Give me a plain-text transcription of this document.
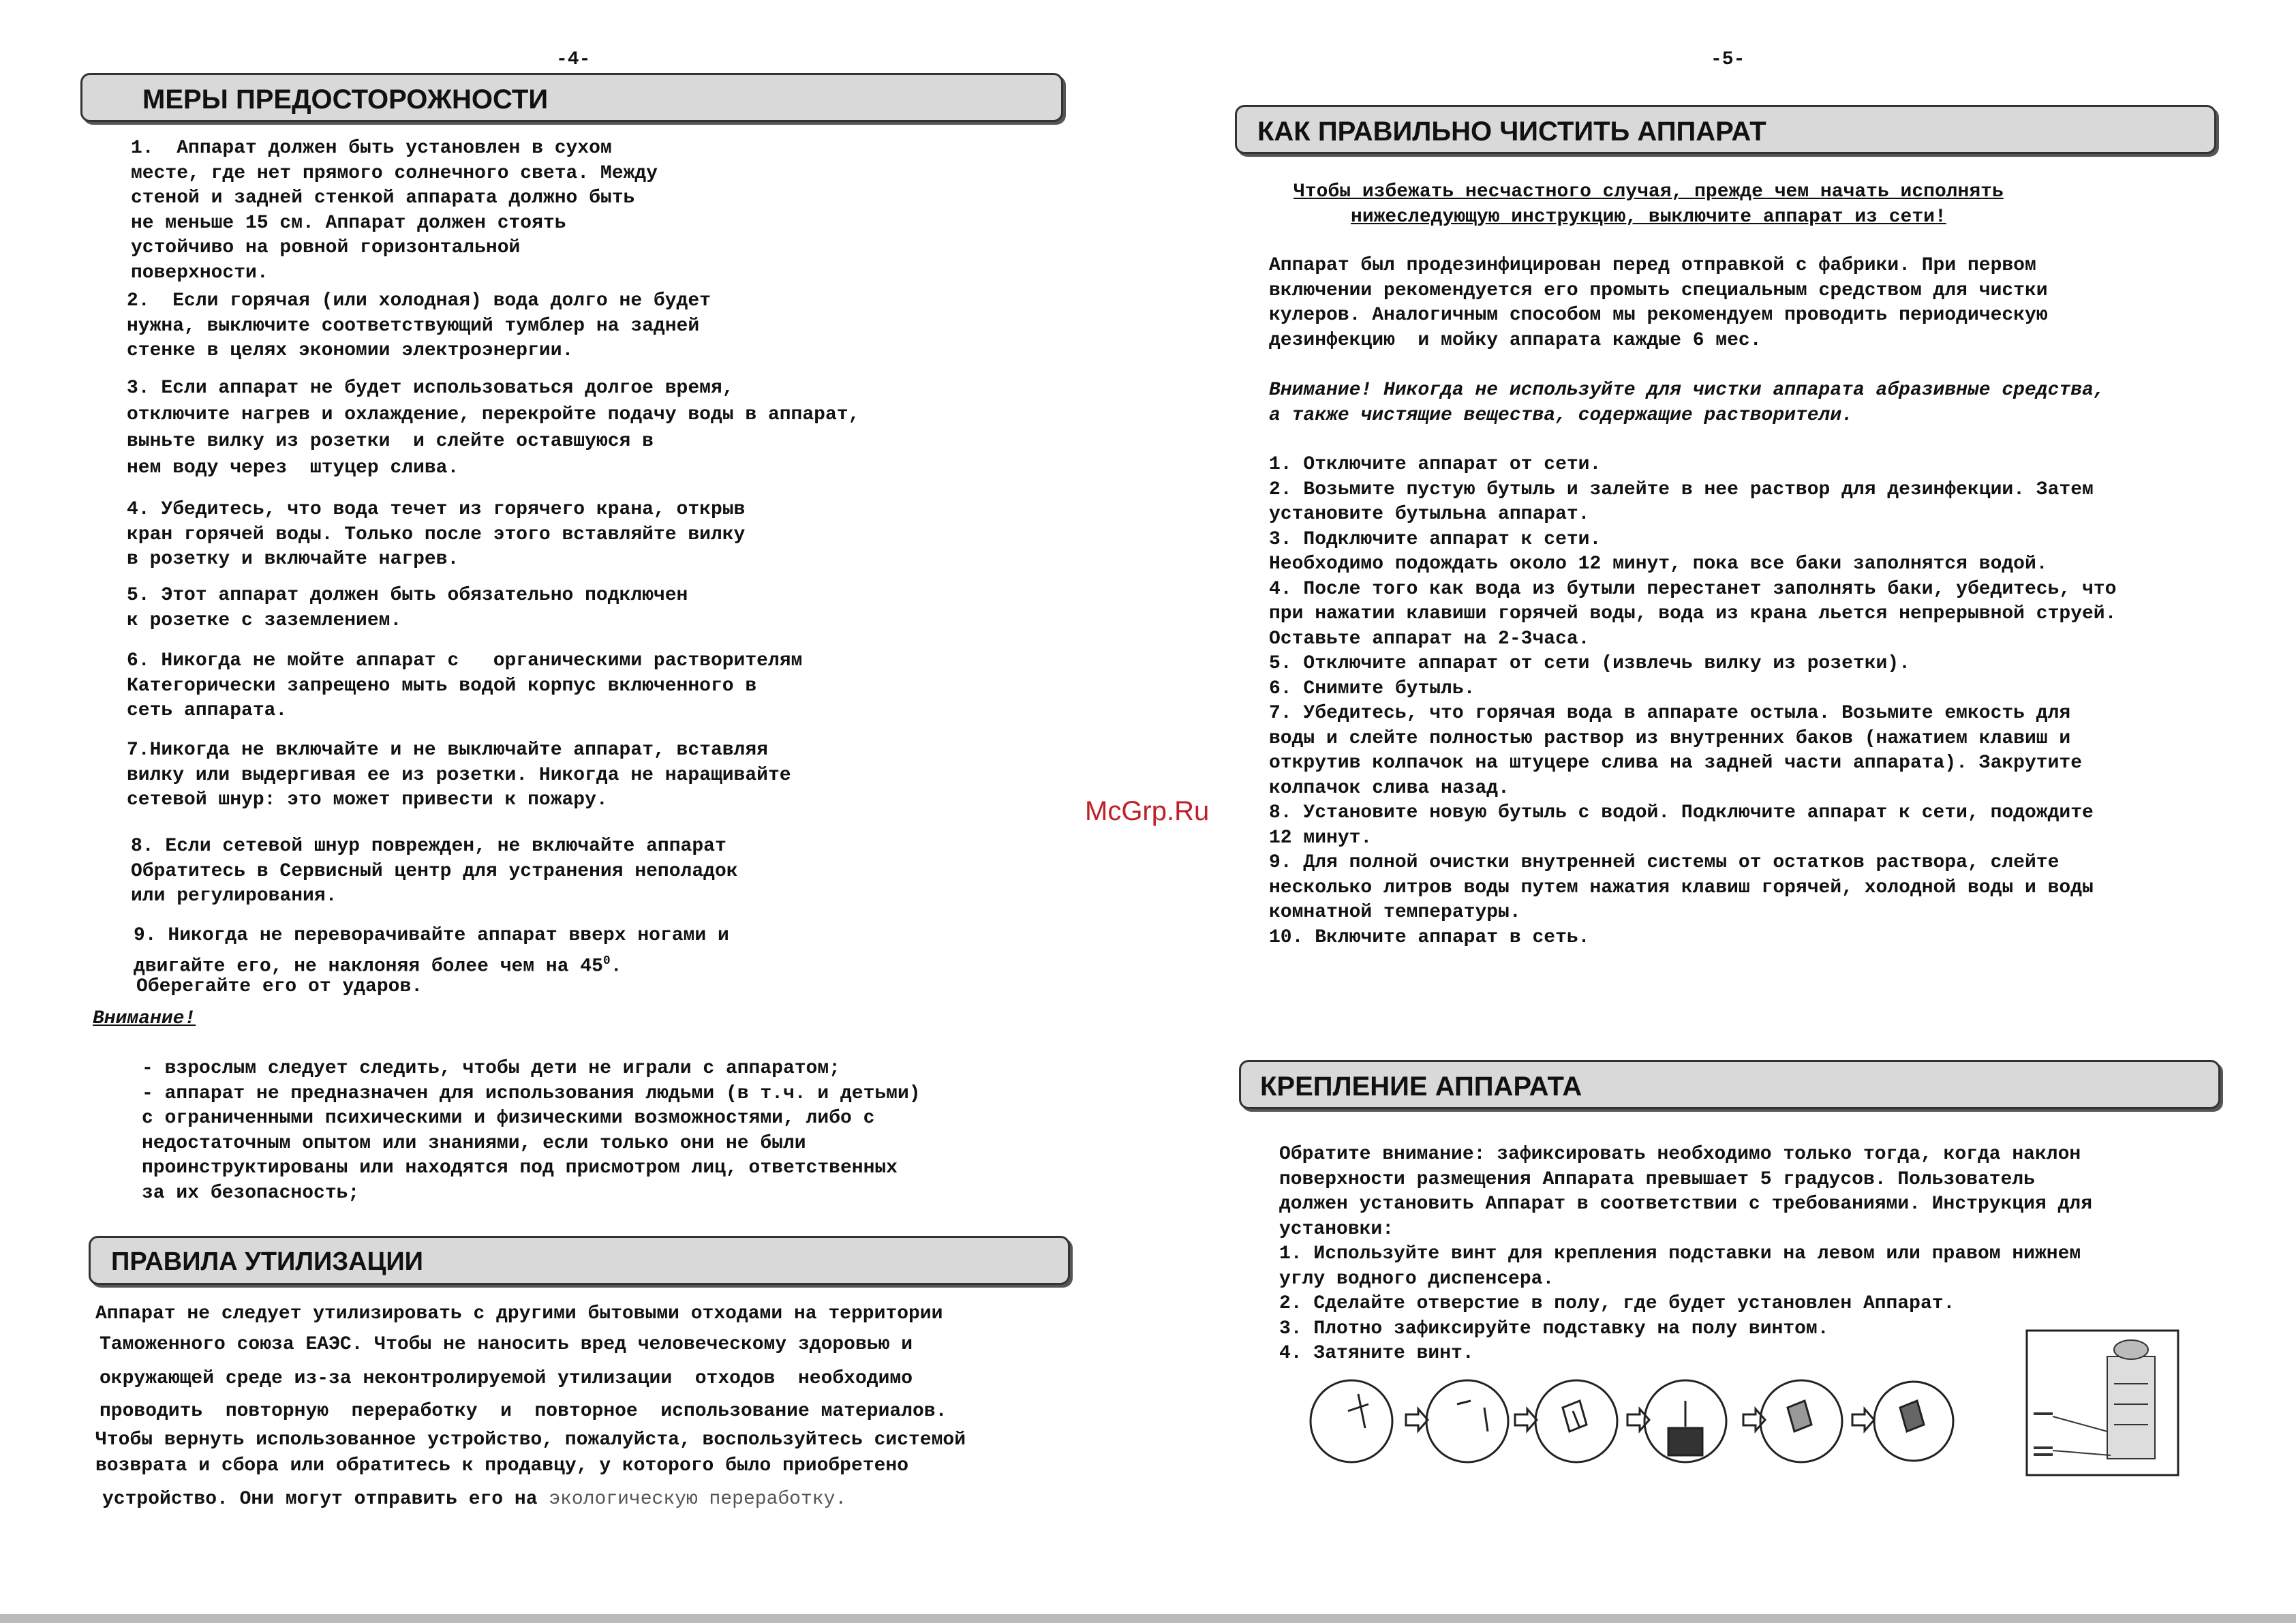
-4-
МЕРЫ ПРЕДОСТОРОЖНОСТИ
1.  Аппарат должен быть установлен в сухом
месте, где нет прямого солнечного света. Между
стеной и задней стенкой аппарата должно быть
не меньше 15 см. Аппарат должен стоять
устойчиво на ровной горизонтальной
поверхности.
2.  Если горячая (или холодная) вода долго не будет
нужна, выключите соответствующий тумблер на задней
стенке в целях экономии электроэнергии.
3. Если аппарат не будет использоваться долгое время,
отключите нагрев и охлаждение, перекройте подачу воды в аппарат,
выньте вилку из розетки  и слейте оставшуюся в
нем воду через  штуцер слива.
4. Убедитесь, что вода течет из горячего крана, открыв
кран горячей воды. Только после этого вставляйте вилку
в розетку и включайте нагрев.
5. Этот аппарат должен быть обязательно подключен
к розетке с заземлением.
6. Никогда не мойте аппарат с   органическими растворителям
Категорически запрещено мыть водой корпус включенного в
сеть аппарата.
7.Никогда не включайте и не выключайте аппарат, вставляя
вилку или выдергивая ее из розетки. Никогда не наращивайте
сетевой шнур: это может привести к пожару.
8. Если сетевой шнур поврежден, не включайте аппарат
Обратитесь в Сервисный центр для устранения неполадок
или регулирования.
9. Никогда не переворачивайте аппарат вверх ногами и
двигайте его, не наклоняя более чем на $45^0$.
Оберегайте его от ударов.
Внимание!
- взрослым следует следить, чтобы дети не играли с аппаратом;
- аппарат не предназначен для использования людьми (в т.ч. и детьми)
с ограниченными психическими и физическими возможностями, либо с
недостаточным опытом или знаниями, если только они не были
проинструктированы или находятся под присмотром лиц, ответственных
за их безопасность;
ПРАВИЛА УТИЛИЗАЦИИ
Аппарат не следует утилизировать с другими бытовыми отходами на территории
Таможенного союза ЕАЭС. Чтобы не наносить вред человеческому здоровью и
окружающей среде из-за неконтролируемой утилизации  отходов  необходимо
проводить  повторную  переработку  и  повторное  использование материалов.
Чтобы вернуть использованное устройство, пожалуйста, воспользуйтесь системой
возврата и сбора или обратитесь к продавцу, у которого было приобретено
устройство. Они могут отправить его на экологическую переработку.
McGrp.Ru
-5-
КАК ПРАВИЛЬНО ЧИСТИТЬ АППАРАТ
Чтобы избежать несчастного случая, прежде чем начать исполнять
нижеследующую инструкцию, выключите аппарат из сети!
Аппарат был продезинфицирован перед отправкой с фабрики. При первом
включении рекомендуется его промыть специальным средством для чистки
кулеров. Аналогичным способом мы рекомендуем проводить периодическую
дезинфекцию  и мойку аппарата каждые 6 мес.
Внимание! Никогда не используйте для чистки аппарата абразивные средства,
а также чистящие вещества, содержащие растворители.
1. Отключите аппарат от сети.
2. Возьмите пустую бутыль и залейте в нее раствор для дезинфекции. Затем
установите бутыльна аппарат.
3. Подключите аппарат к сети.
Необходимо подождать около 12 минут, пока все баки заполнятся водой.
4. После того как вода из бутыли перестанет заполнять баки, убедитесь, что
при нажатии клавиши горячей воды, вода из крана льется непрерывной струей.
Оставьте аппарат на 2-3часа.
5. Отключите аппарат от сети (извлечь вилку из розетки).
6. Снимите бутыль.
7. Убедитесь, что горячая вода в аппарате остыла. Возьмите емкость для
воды и слейте полностью раствор из внутренних баков (нажатием клавиш и
открутив колпачок на штуцере слива на задней части аппарата). Закрутите
колпачок слива назад.
8. Установите новую бутыль с водой. Подключите аппарат к сети, подождите
12 минут.
9. Для полной очистки внутренней системы от остатков раствора, слейте
несколько литров воды путем нажатия клавиш горячей, холодной воды и воды
комнатной температуры.
10. Включите аппарат в сеть.
КРЕПЛЕНИЕ АППАРАТА
Обратите внимание: зафиксировать необходимо только тогда, когда наклон
поверхности размещения Аппарата превышает 5 градусов. Пользователь
должен установить Аппарат в соответствии с требованиями. Инструкция для
установки:
1. Используйте винт для крепления подставки на левом или правом нижнем
углу водного диспенсера.
2. Сделайте отверстие в полу, где будет установлен Аппарат.
3. Плотно зафиксируйте подставку на полу винтом.
4. Затяните винт.
